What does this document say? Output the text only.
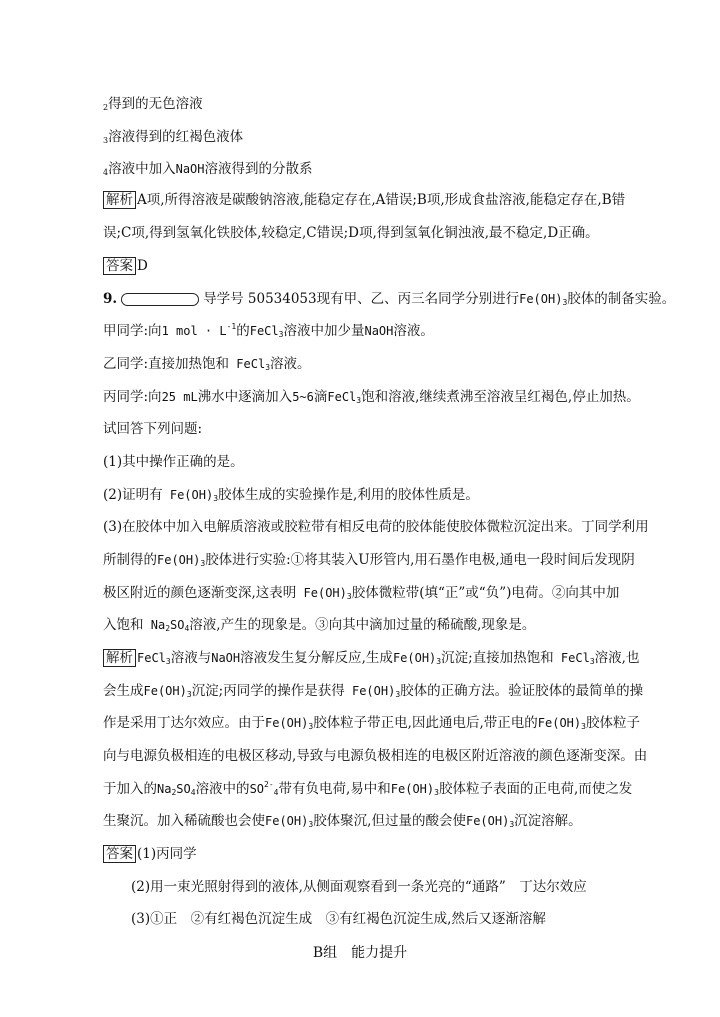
$_2$得到的无色溶液
$_3$溶液得到的红褐色液体
$_4$溶液中加入NaOH溶液得到的分散系
解析 A项,所得溶液是碳酸钠溶液,能稳定存在,A错误;B项,形成食盐溶液,能稳定存在,B错
误;C项,得到氢氧化铁胶体,较稳定,C错误;D项,得到氢氧化铜浊液,最不稳定,D正确。
答案 D
9.	导学号 50534053现有甲、乙、丙三名同学分别进行$Fe(OH)_3$胶体的制备实验。
甲同学:向1 mol · $L^{-1}$的FeCl$_3$溶液中加少量NaOH溶液。
乙同学:直接加热饱和 FeCl$_3$溶液。
丙同学:向25 mL沸水中逐滴加入5~6滴FeCl$_3$饱和溶液,继续煮沸至溶液呈红褐色,停止加热。
试回答下列问题:
(1)其中操作正确的是。
(2)证明有 $Fe(OH)_3$胶体生成的实验操作是,利用的胶体性质是。
(3)在胶体中加入电解质溶液或胶粒带有相反电荷的胶体能使胶体微粒沉淀出来。丁同学利用
所制得的$Fe(OH)_3$胶体进行实验:①将其装入U形管内,用石墨作电极,通电一段时间后发现阴
极区附近的颜色逐渐变深,这表明 $Fe(OH)_3$胶体微粒带(填“正”或“负”)电荷。②向其中加
入饱和 $Na_2SO_4$溶液,产生的现象是。③向其中滴加过量的稀硫酸,现象是。
解析 FeCl$_3$溶液与NaOH溶液发生复分解反应,生成$Fe(OH)_3$沉淀;直接加热饱和 FeCl$_3$溶液,也
会生成$Fe(OH)_3$沉淀;丙同学的操作是获得 $Fe(OH)_3$胶体的正确方法。验证胶体的最简单的操
作是采用丁达尔效应。由于$Fe(OH)_3$胶体粒子带正电,因此通电后,带正电的$Fe(OH)_3$胶体粒子
向与电源负极相连的电极区移动,导致与电源负极相连的电极区附近溶液的颜色逐渐变深。由
于加入的$Na_2SO_4$溶液中的$SO^{2-}_4$带有负电荷,易中和$Fe(OH)_3$胶体粒子表面的正电荷,而使之发
生聚沉。加入稀硫酸也会使$Fe(OH)_3$胶体聚沉,但过量的酸会使$Fe(OH)_3$沉淀溶解。
答案 (1)丙同学
(2)用一束光照射得到的液体,从侧面观察看到一条光亮的“通路”　丁达尔效应
(3)①正　②有红褐色沉淀生成　③有红褐色沉淀生成,然后又逐渐溶解
B组　能力提升
